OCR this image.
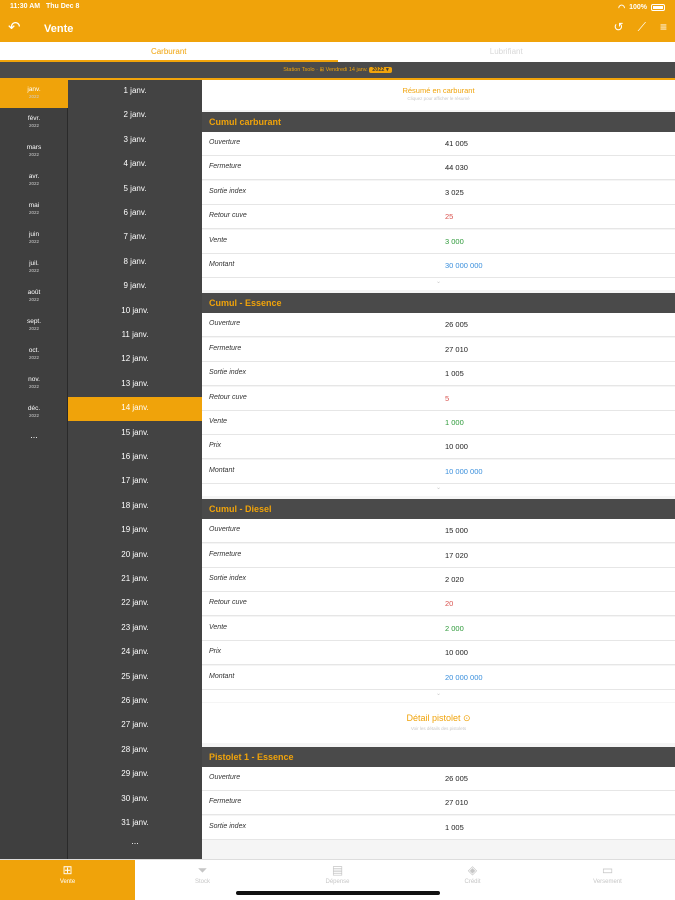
11:30 AM Thu Dec 8	◠ 100%
↶ Vente	↺ ⟋ ≡
Carburant	Lubrifiant
Station Tsolo · ⊞ Vendredi 14 janv. 2022 ▾
janv.
2022
févr.
2022
mars
2022
avr.
2022
mai
2022
juin
2022
juil.
2022
août
2022
sept.
2022
oct.
2022
nov.
2022
déc.
2022
...
1 janv.
2 janv.
3 janv.
4 janv.
5 janv.
6 janv.
7 janv.
8 janv.
9 janv.
10 janv.
11 janv.
12 janv.
13 janv.
14 janv.
15 janv.
16 janv.
17 janv.
18 janv.
19 janv.
20 janv.
21 janv.
22 janv.
23 janv.
24 janv.
25 janv.
26 janv.
27 janv.
28 janv.
29 janv.
30 janv.
31 janv.
...
Résumé en carburant
Cliquez pour afficher le résumé
Cumul carburant
Ouverture	41 005
Fermeture	44 030
Sortie index	3 025
Retour cuve	25
Vente	3 000
Montant	30 000 000
⌄
Cumul - Essence
Ouverture	26 005
Fermeture	27 010
Sortie index	1 005
Retour cuve	5
Vente	1 000
Prix	10 000
Montant	10 000 000
⌄
Cumul - Diesel
Ouverture	15 000
Fermeture	17 020
Sortie index	2 020
Retour cuve	20
Vente	2 000
Prix	10 000
Montant	20 000 000
⌄
Détail pistolet ⊙
Voir les détails des pistolets
Pistolet 1 - Essence
Ouverture	26 005
Fermeture	27 010
Sortie index	1 005
⊞
Vente
⏷
Stock
▤
Dépense
◈
Crédit
▭
Versement
